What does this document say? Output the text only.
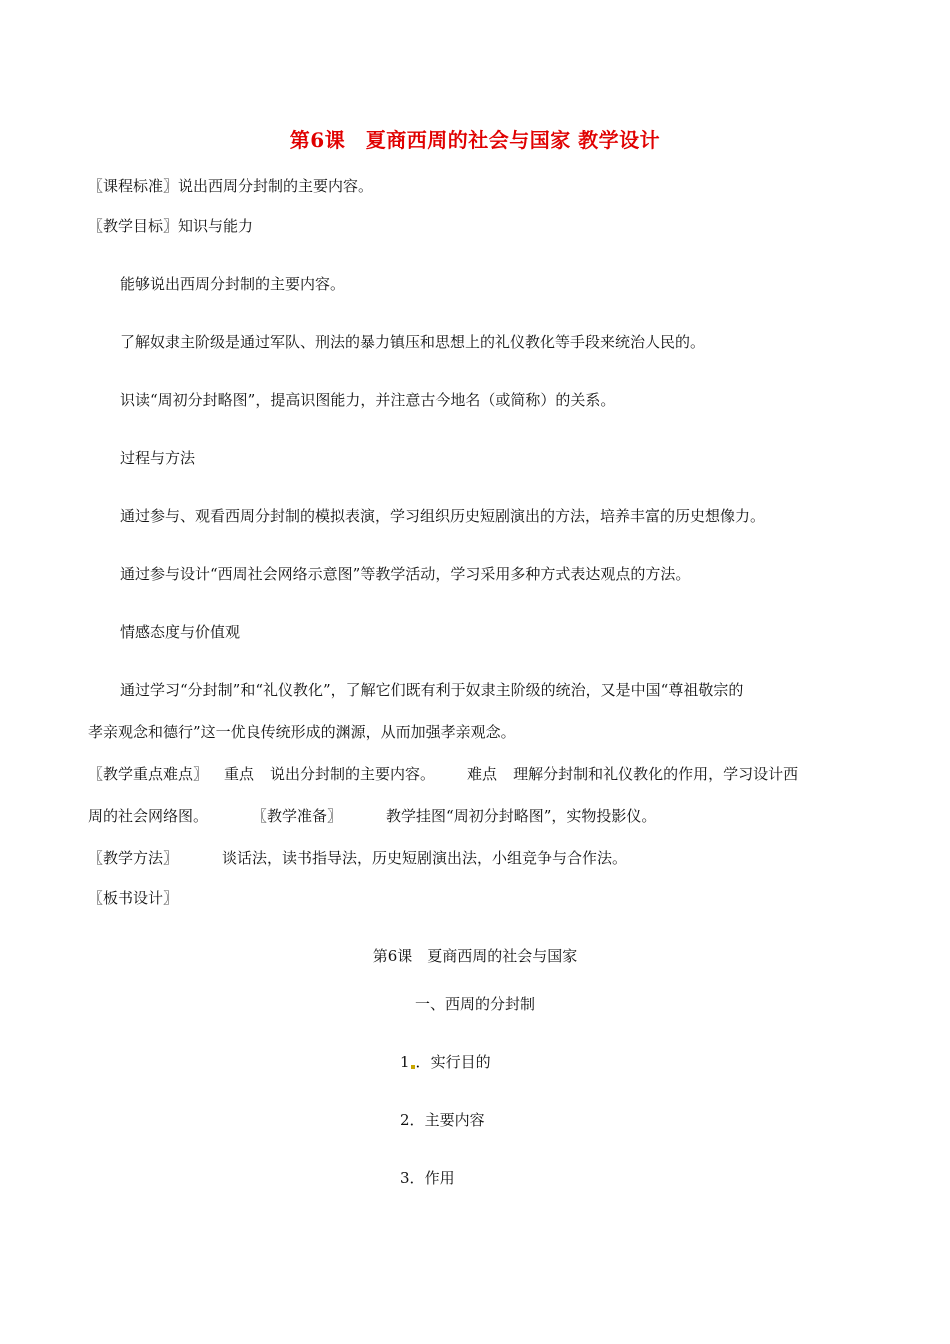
第6课　夏商西周的社会与国家 教学设计
〖课程标准〗说出西周分封制的主要内容。
〖教学目标〗知识与能力
能够说出西周分封制的主要内容。
了解奴隶主阶级是通过军队、刑法的暴力镇压和思想上的礼仪教化等手段来统治人民的。
识读“周初分封略图”，提高识图能力，并注意古今地名（或简称）的关系。
过程与方法
通过参与、观看西周分封制的模拟表演，学习组织历史短剧演出的方法，培养丰富的历史想像力。
通过参与设计“西周社会网络示意图”等教学活动，学习采用多种方式表达观点的方法。
情感态度与价值观
通过学习“分封制”和“礼仪教化”，了解它们既有利于奴隶主阶级的统治，又是中国“尊祖敬宗的
孝亲观念和德行”这一优良传统形成的渊源，从而加强孝亲观念。
〖教学重点难点〗 重点 说出分封制的主要内容。 难点 理解分封制和礼仪教化的作用，学习设计西
周的社会网络图。	〖教学准备〗	教学挂图“周初分封略图”，实物投影仪。
〖教学方法〗	谈话法，读书指导法，历史短剧演出法，小组竞争与合作法。
〖板书设计〗
第6课　夏商西周的社会与国家
一、西周的分封制
1 ．实行目的
2．主要内容
3．作用
